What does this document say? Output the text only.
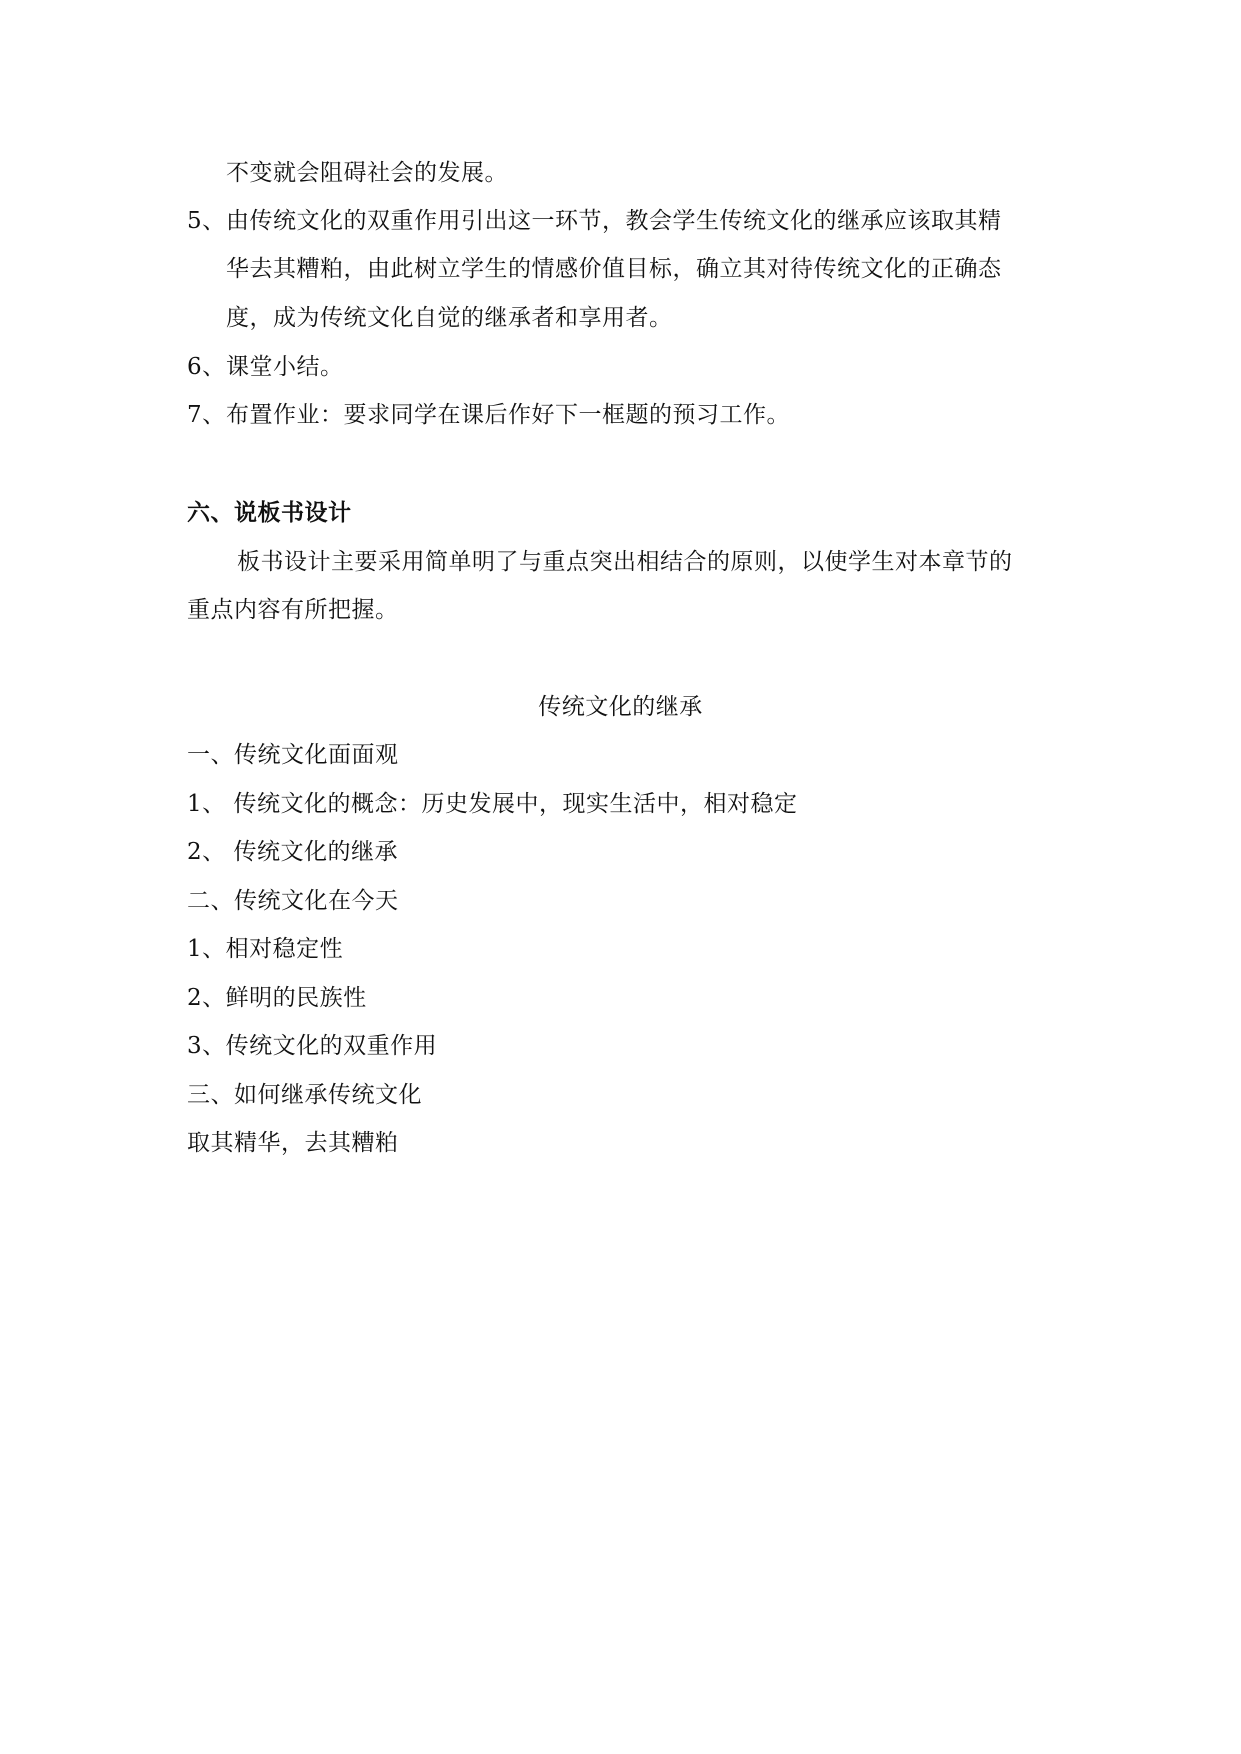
不变就会阻碍社会的发展。
5、 由传统文化的双重作用引出这一环节，教会学生传统文化的继承应该取其精
华去其糟粕，由此树立学生的情感价值目标，确立其对待传统文化的正确态
度，成为传统文化自觉的继承者和享用者。
6、 课堂小结。
7、 布置作业：要求同学在课后作好下一框题的预习工作。
六、说板书设计
板书设计主要采用简单明了与重点突出相结合的原则，以使学生对本章节的
重点内容有所把握。
传统文化的继承
一、传统文化面面观
1、 传统文化的概念：历史发展中，现实生活中，相对稳定
2、 传统文化的继承
二、传统文化在今天
1、相对稳定性
2、鲜明的民族性
3、传统文化的双重作用
三、如何继承传统文化
取其精华，去其糟粕
